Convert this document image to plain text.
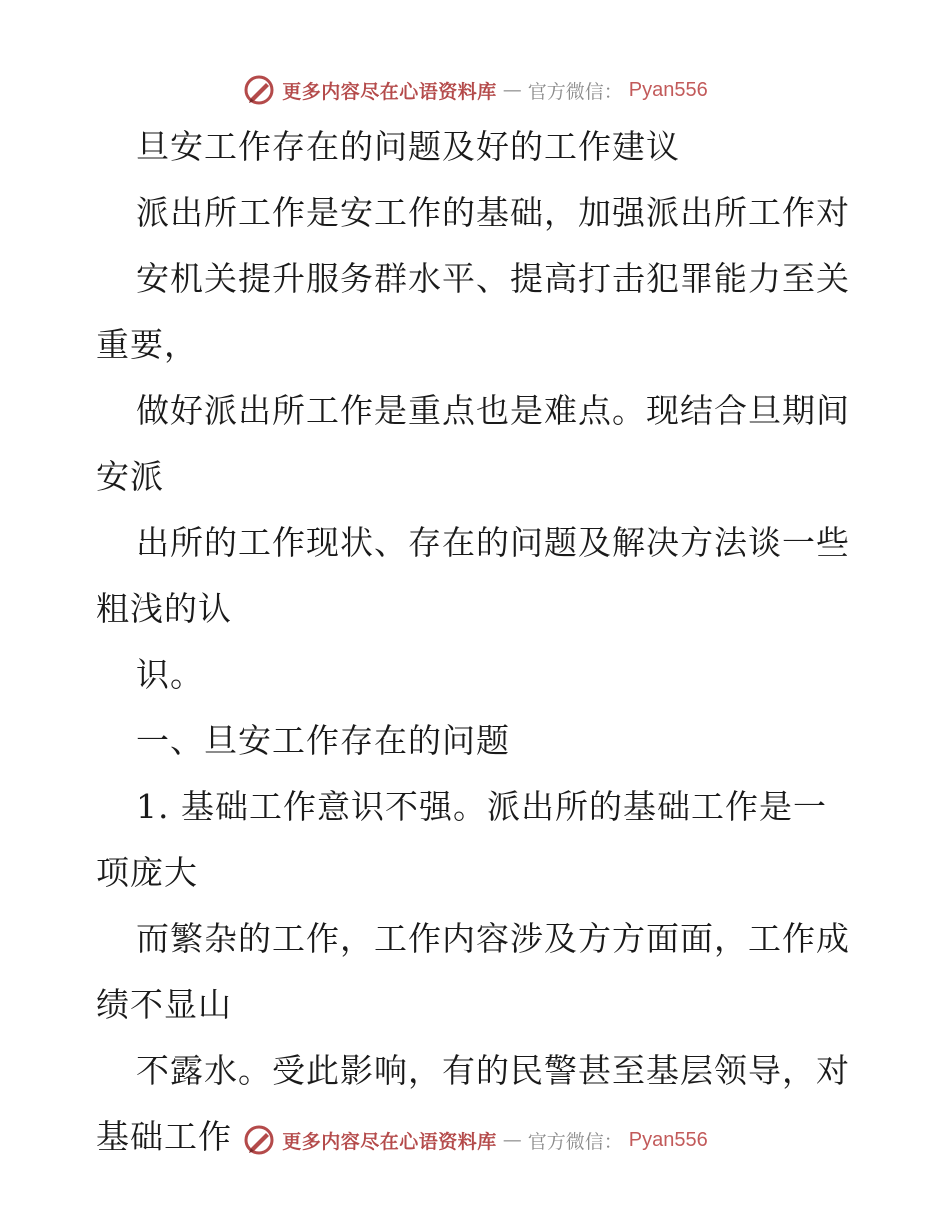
更多内容尽在心语资料库 — 官方微信： Pyan556
旦安工作存在的问题及好的工作建议
派出所工作是安工作的基础，加强派出所工作对
安机关提升服务群水平、提高打击犯罪能力至关
重要，
做好派出所工作是重点也是难点。现结合旦期间
安派
出所的工作现状、存在的问题及解决方法谈一些
粗浅的认
识。
一、旦安工作存在的问题
1. 基础工作意识不强。派出所的基础工作是一
项庞大
而繁杂的工作，工作内容涉及方方面面，工作成
绩不显山
不露水。受此影响，有的民警甚至基层领导，对
基础工作	更多内容尽在心语资料库 — 官方微信： Pyan556
